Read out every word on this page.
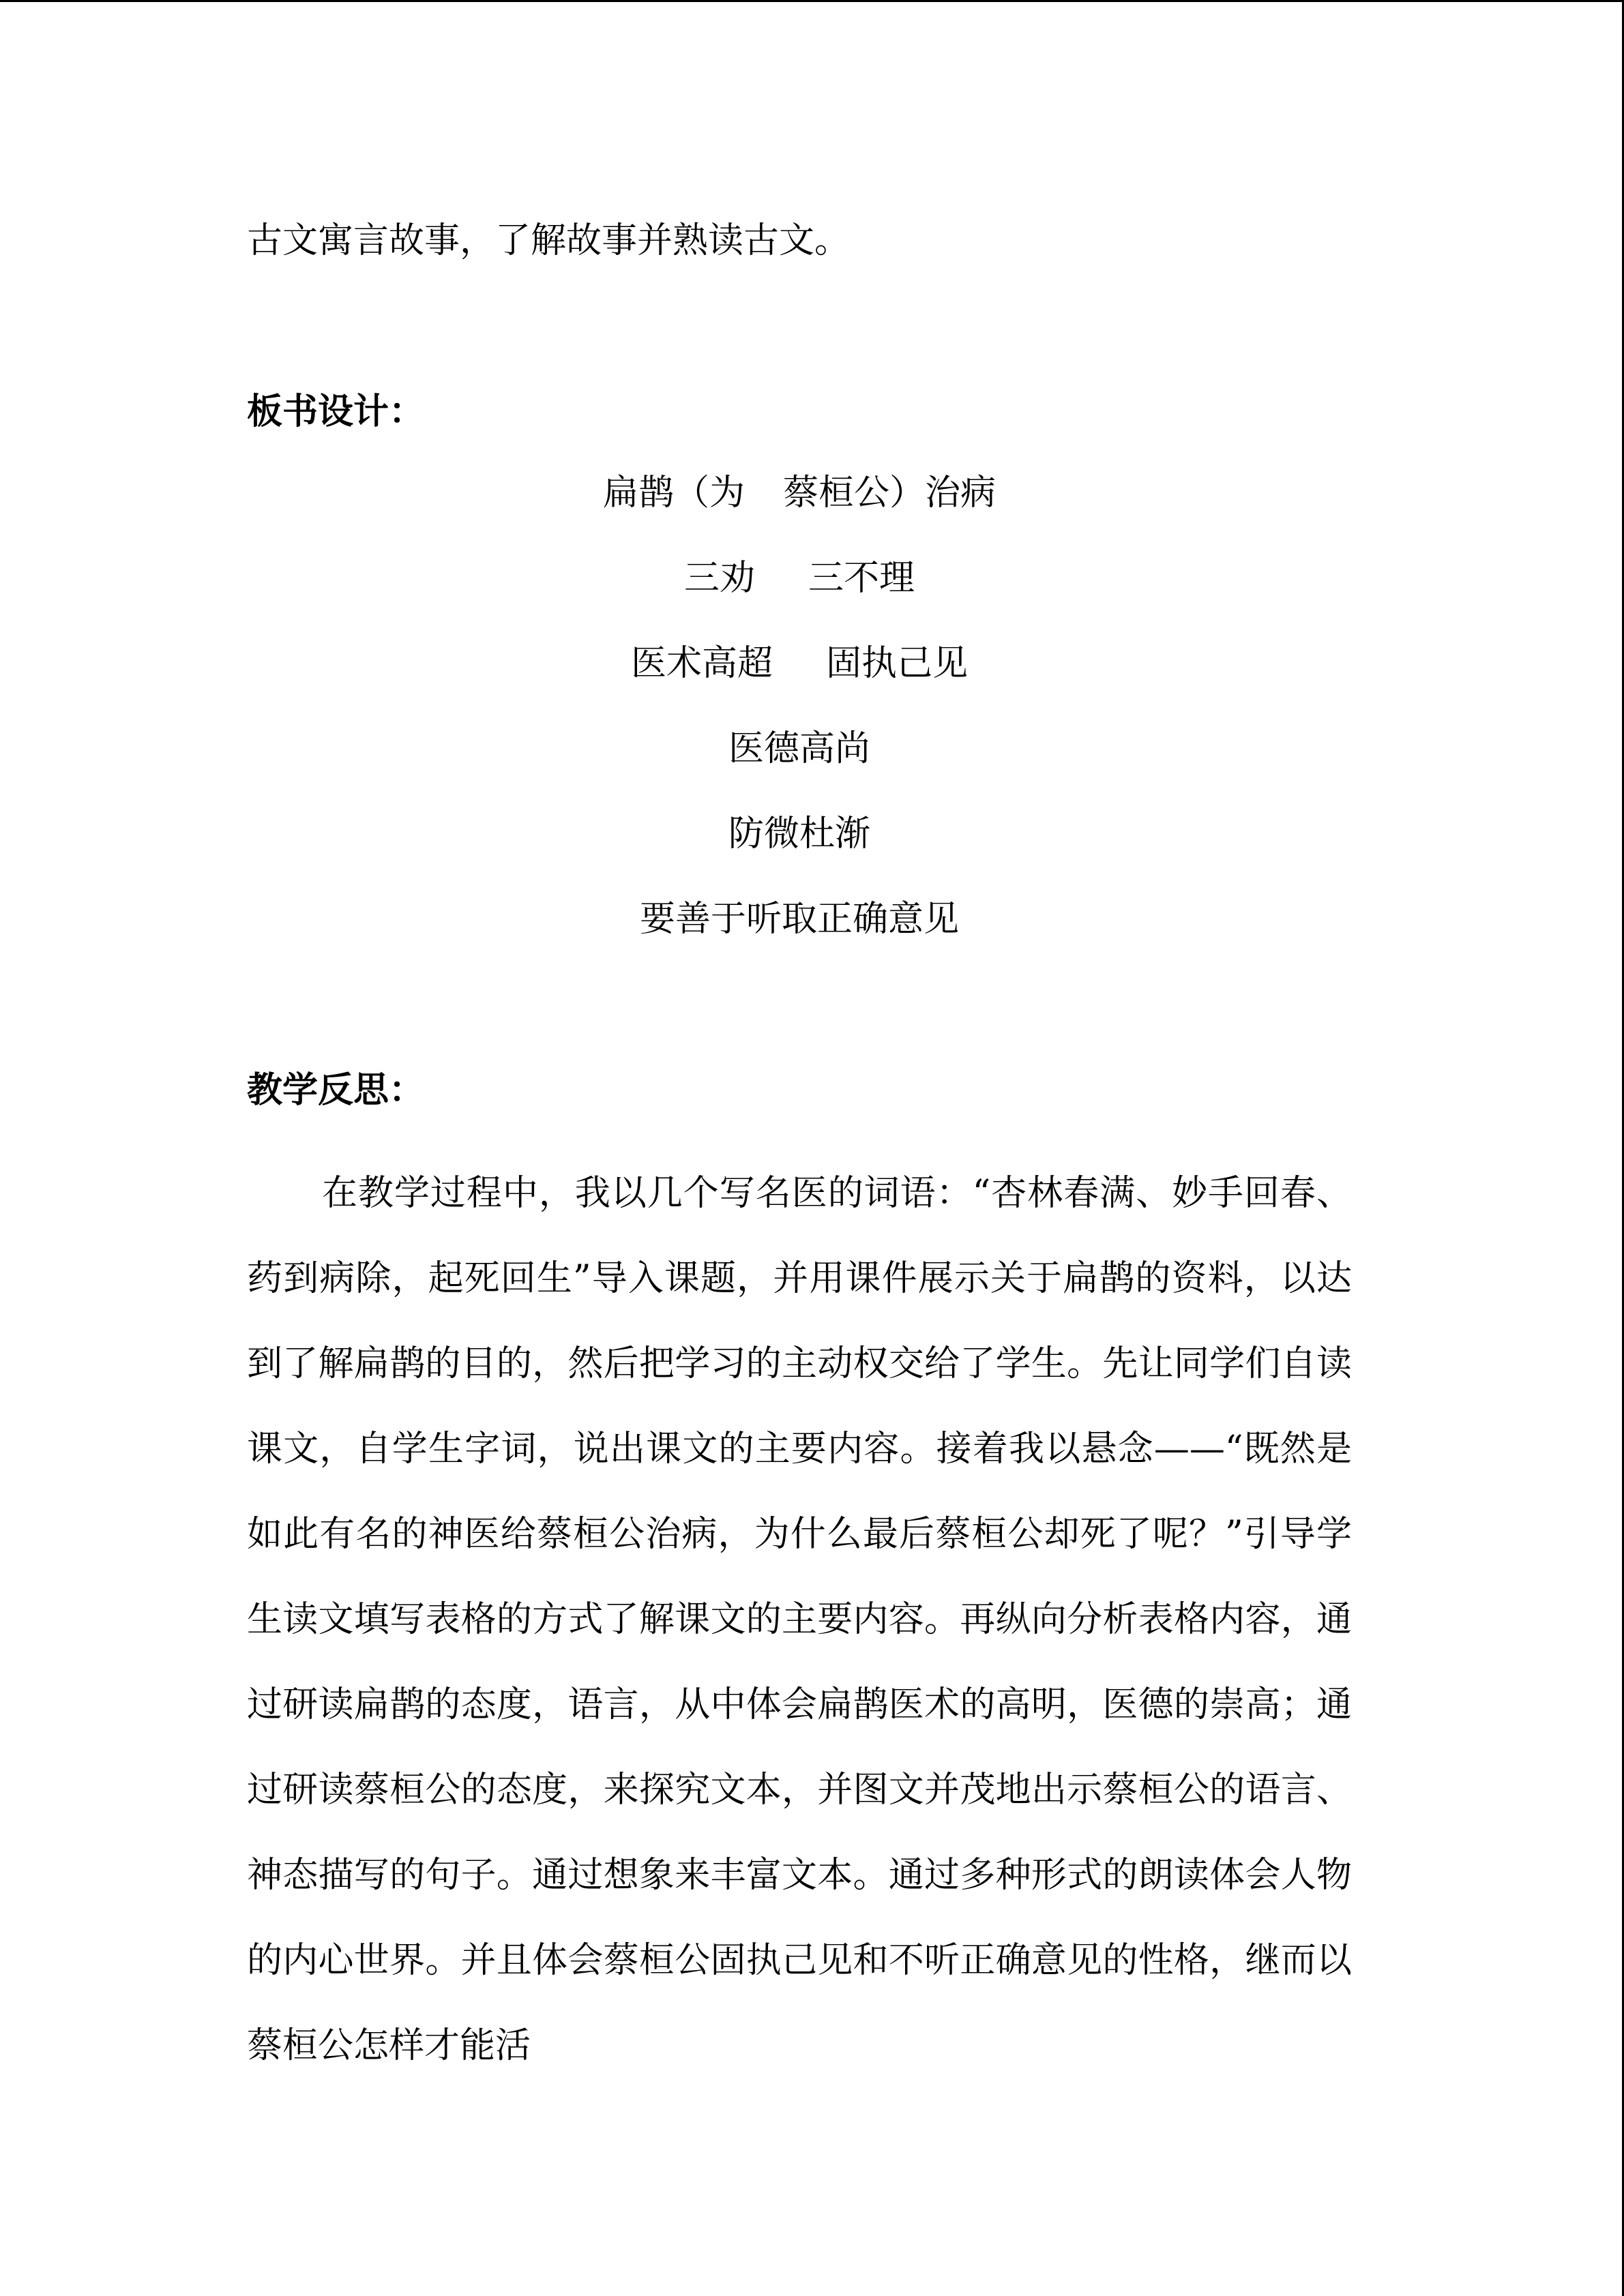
古文寓言故事，了解故事并熟读古文。
板书设计：
扁鹊（为 蔡桓公）治病
三劝 三不理
医术高超 固执己见
医德高尚
防微杜渐
要善于听取正确意见
教学反思：
在教学过程中，我以几个写名医的词语：“杏林春满、妙手回春、药到病除，起死回生”导入课题，并用课件展示关于扁鹊的资料，以达到了解扁鹊的目的，然后把学习的主动权交给了学生。先让同学们自读课文，自学生字词，说出课文的主要内容。接着我以悬念——“既然是如此有名的神医给蔡桓公治病，为什么最后蔡桓公却死了呢？”引导学生读文填写表格的方式了解课文的主要内容。再纵向分析表格内容，通过研读扁鹊的态度，语言，从中体会扁鹊医术的高明，医德的崇高；通过研读蔡桓公的态度，来探究文本，并图文并茂地出示蔡桓公的语言、神态描写的句子。通过想象来丰富文本。通过多种形式的朗读体会人物的内心世界。并且体会蔡桓公固执己见和不听正确意见的性格，继而以蔡桓公怎样才能活
